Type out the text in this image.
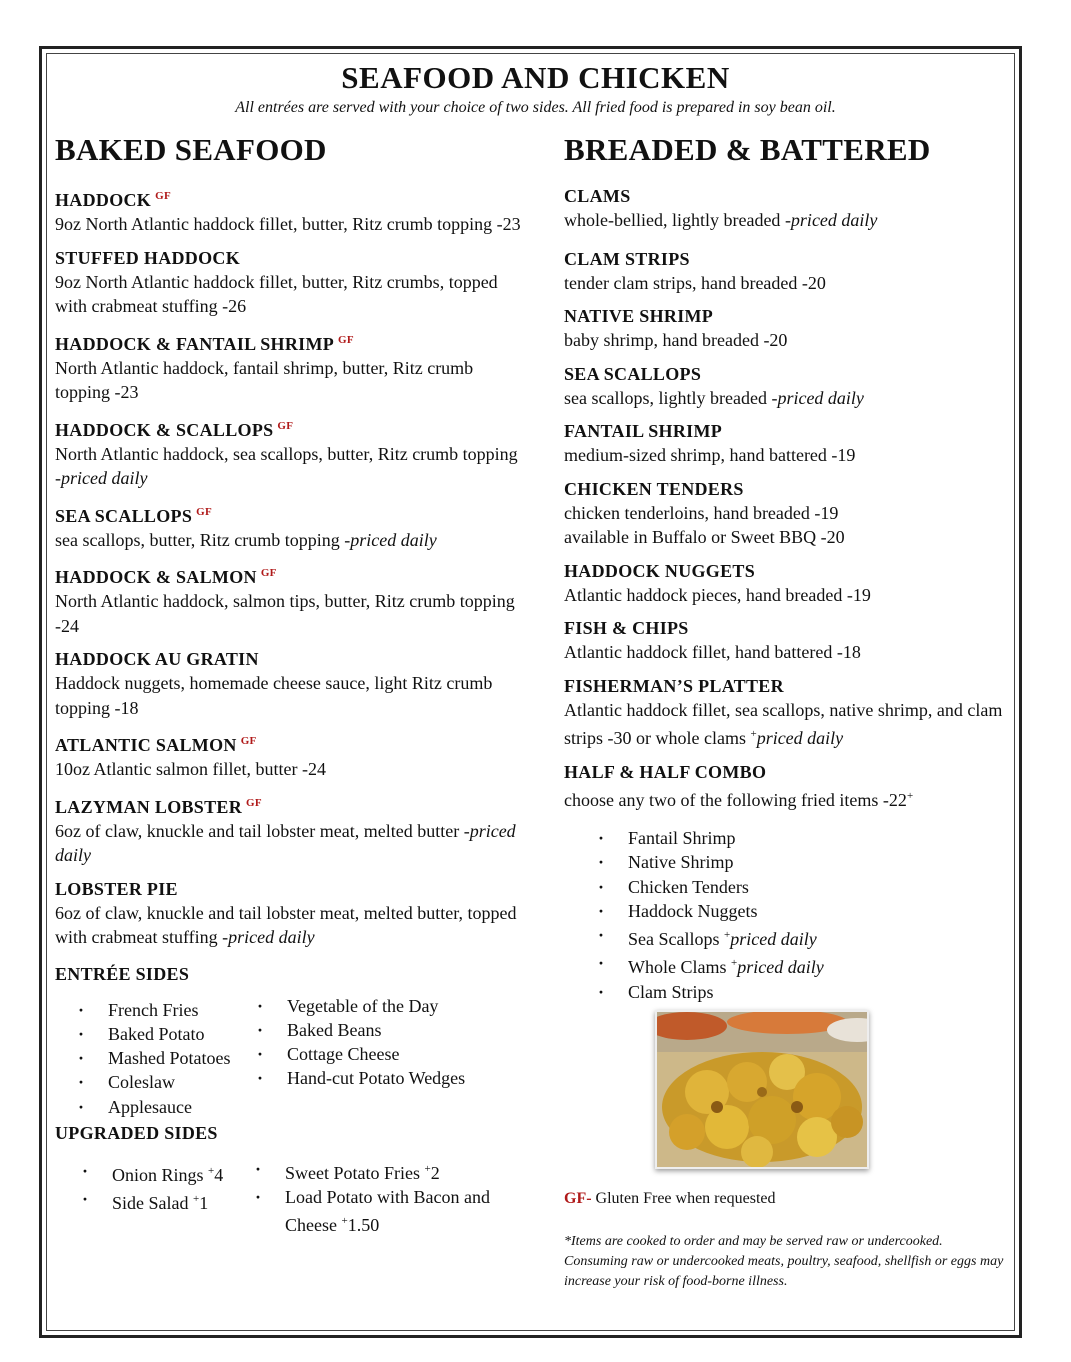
SEAFOOD AND CHICKEN
All entrées are served with your choice of two sides. All fried food is prepared in soy bean oil.
BAKED SEAFOOD
HADDOCK $^{GF}$
9oz North Atlantic haddock fillet, butter, Ritz crumb topping -23
STUFFED HADDOCK
9oz North Atlantic haddock fillet, butter, Ritz crumbs, topped with crabmeat stuffing -26
HADDOCK & FANTAIL SHRIMP $^{GF}$
North Atlantic haddock, fantail shrimp, butter, Ritz crumb topping -23
HADDOCK & SCALLOPS $^{GF}$
North Atlantic haddock, sea scallops, butter, Ritz crumb topping -priced daily
SEA SCALLOPS $^{GF}$
sea scallops, butter, Ritz crumb topping -priced daily
HADDOCK & SALMON $^{GF}$
North Atlantic haddock, salmon tips, butter, Ritz crumb topping -24
HADDOCK AU GRATIN
Haddock nuggets, homemade cheese sauce, light Ritz crumb topping -18
ATLANTIC SALMON $^{GF}$
10oz Atlantic salmon fillet, butter -24
LAZYMAN LOBSTER $^{GF}$
6oz of claw, knuckle and tail lobster meat, melted butter -priced daily
LOBSTER PIE
6oz of claw, knuckle and tail lobster meat, melted butter, topped with crabmeat stuffing -priced daily
ENTRÉE SIDES
· French Fries
· Baked Potato
· Mashed Potatoes
· Coleslaw
· Applesauce
· Vegetable of the Day
· Baked Beans
· Cottage Cheese
· Hand-cut Potato Wedges
UPGRADED SIDES
· Onion Rings +4
· Side Salad +1
· Sweet Potato Fries +2
· Load Potato with Bacon and Cheese +1.50
BREADED & BATTERED
CLAMS
whole-bellied, lightly breaded -priced daily
CLAM STRIPS
tender clam strips, hand breaded -20
NATIVE SHRIMP
baby shrimp, hand breaded -20
SEA SCALLOPS
sea scallops, lightly breaded -priced daily
FANTAIL SHRIMP
medium-sized shrimp, hand battered -19
CHICKEN TENDERS
chicken tenderloins, hand breaded -19
available in Buffalo or Sweet BBQ -20
HADDOCK NUGGETS
Atlantic haddock pieces, hand breaded -19
FISH & CHIPS
Atlantic haddock fillet, hand battered -18
FISHERMAN’S PLATTER
Atlantic haddock fillet, sea scallops, native shrimp, and clam strips -30 or whole clams +priced daily
HALF & HALF COMBO
choose any two of the following fried items -22+
· Fantail Shrimp
· Native Shrimp
· Chicken Tenders
· Haddock Nuggets
· Sea Scallops +priced daily
· Whole Clams +priced daily
· Clam Strips
GF- Gluten Free when requested
*Items are cooked to order and may be served raw or undercooked. Consuming raw or undercooked meats, poultry, seafood, shellfish or eggs may increase your risk of food-borne illness.
